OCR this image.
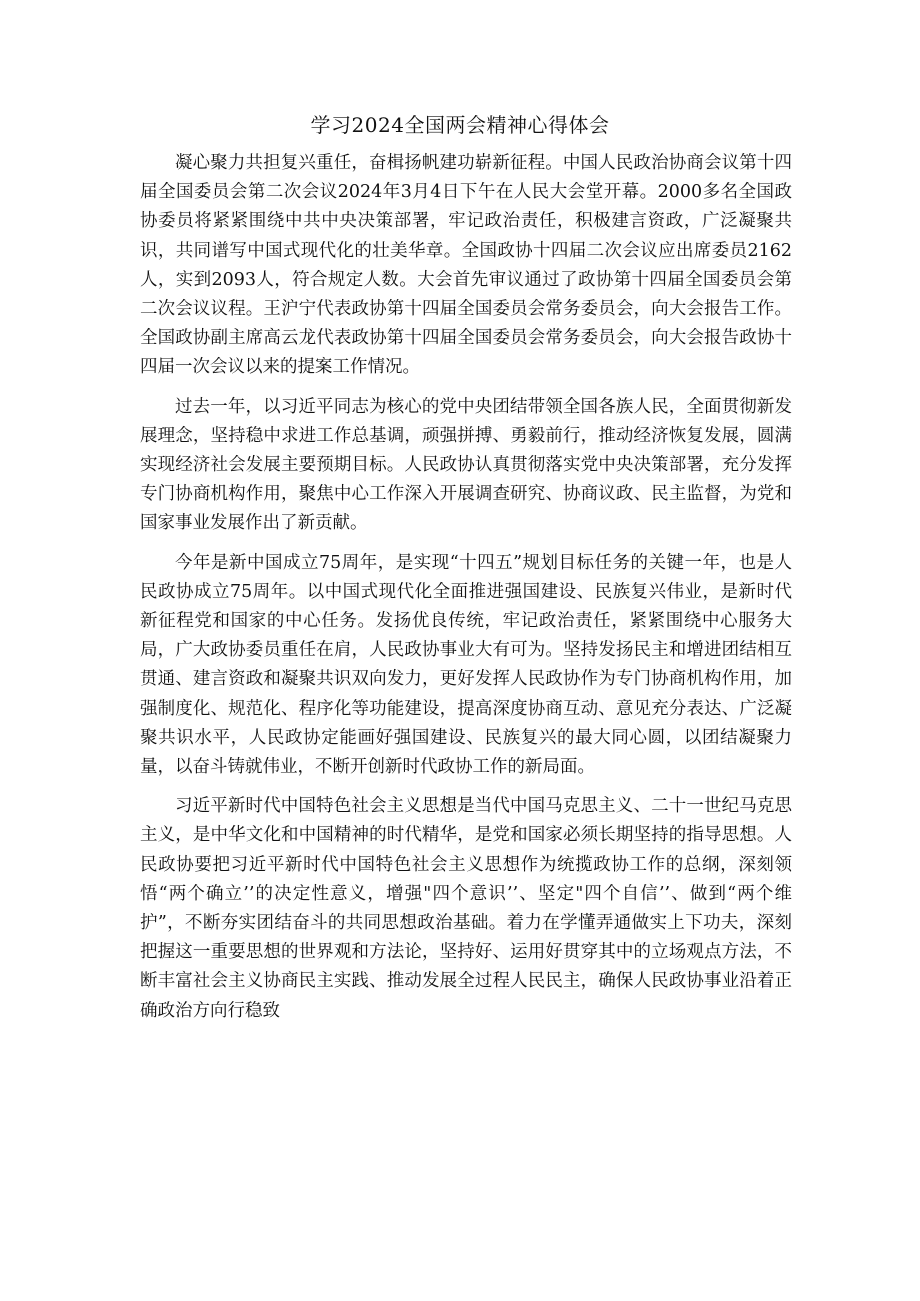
学习2024全国两会精神心得体会

凝心聚力共担复兴重任，奋楫扬帆建功崭新征程。中国人民政治协商会议第十四届全国委员会第二次会议2024年3月4日下午在人民大会堂开幕。2000多名全国政协委员将紧紧围绕中共中央决策部署，牢记政治责任，积极建言资政，广泛凝聚共识，共同谱写中国式现代化的壮美华章。全国政协十四届二次会议应出席委员2162人，实到2093人，符合规定人数。大会首先审议通过了政协第十四届全国委员会第二次会议议程。王沪宁代表政协第十四届全国委员会常务委员会，向大会报告工作。全国政协副主席高云龙代表政协第十四届全国委员会常务委员会，向大会报告政协十四届一次会议以来的提案工作情况。

过去一年，以习近平同志为核心的党中央团结带领全国各族人民，全面贯彻新发展理念，坚持稳中求进工作总基调，顽强拼搏、勇毅前行，推动经济恢复发展，圆满实现经济社会发展主要预期目标。人民政协认真贯彻落实党中央决策部署，充分发挥专门协商机构作用，聚焦中心工作深入开展调查研究、协商议政、民主监督，为党和国家事业发展作出了新贡献。

今年是新中国成立75周年，是实现“十四五”规划目标任务的关键一年，也是人民政协成立75周年。以中国式现代化全面推进强国建设、民族复兴伟业，是新时代新征程党和国家的中心任务。发扬优良传统，牢记政治责任，紧紧围绕中心服务大局，广大政协委员重任在肩，人民政协事业大有可为。坚持发扬民主和增进团结相互贯通、建言资政和凝聚共识双向发力，更好发挥人民政协作为专门协商机构作用，加强制度化、规范化、程序化等功能建设，提高深度协商互动、意见充分表达、广泛凝聚共识水平，人民政协定能画好强国建设、民族复兴的最大同心圆，以团结凝聚力量，以奋斗铸就伟业，不断开创新时代政协工作的新局面。

习近平新时代中国特色社会主义思想是当代中国马克思主义、二十一世纪马克思主义，是中华文化和中国精神的时代精华，是党和国家必须长期坚持的指导思想。人民政协要把习近平新时代中国特色社会主义思想作为统揽政协工作的总纲，深刻领悟“两个确立’’的决定性意义，增强"四个意识’’、坚定"四个自信’’、做到“两个维护”，不断夯实团结奋斗的共同思想政治基础。着力在学懂弄通做实上下功夫，深刻把握这一重要思想的世界观和方法论，坚持好、运用好贯穿其中的立场观点方法，不断丰富社会主义协商民主实践、推动发展全过程人民民主，确保人民政协事业沿着正确政治方向行稳致
